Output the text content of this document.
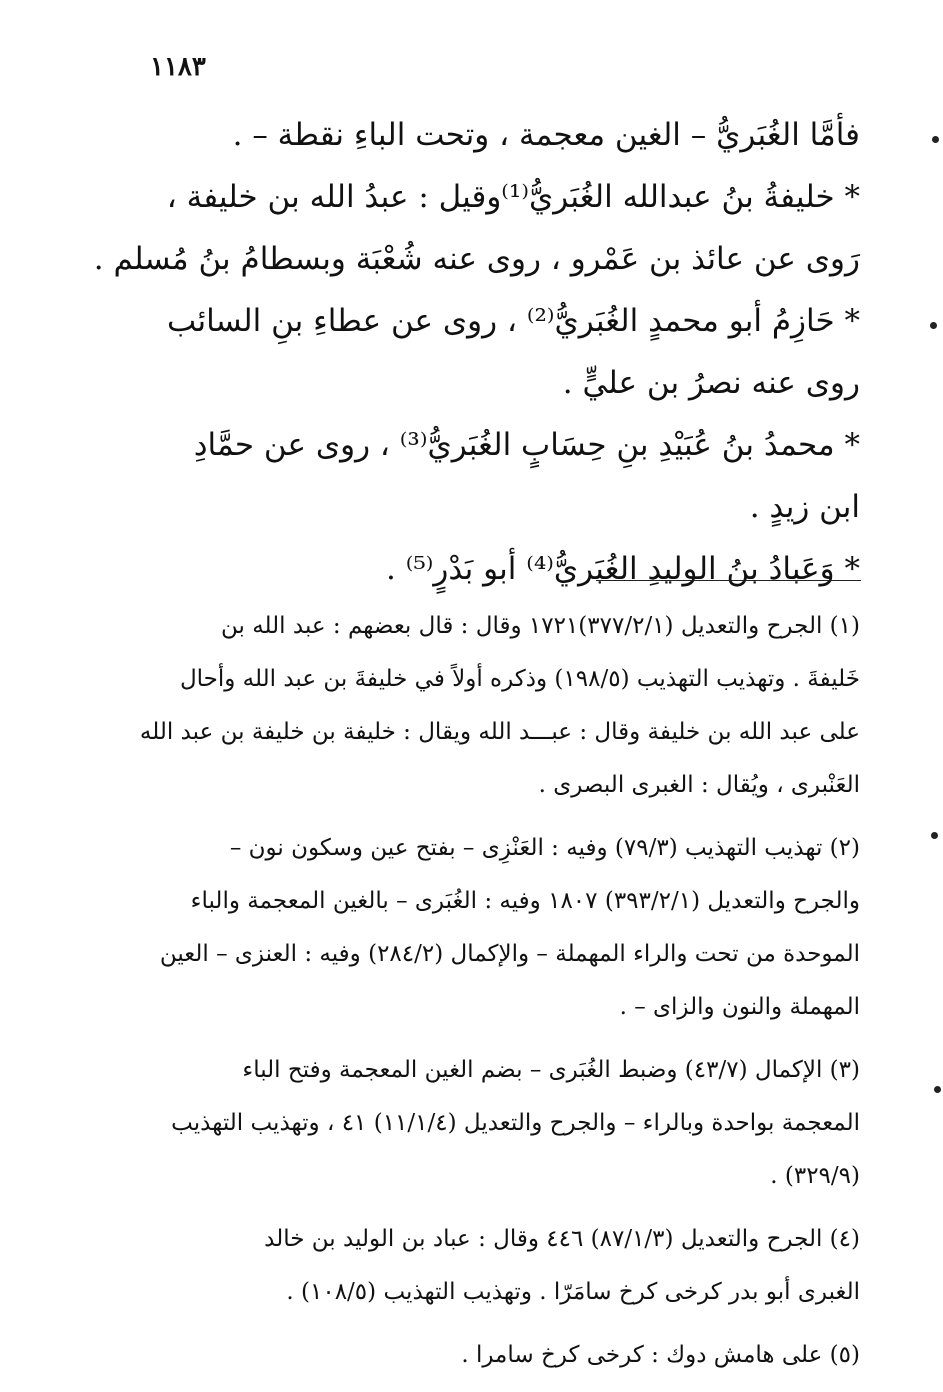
١١٨٣

فأمَّا الغُبَريُّ – الغين معجمة ، وتحت الباءِ نقطة – .

* خليفةُ بنُ عبدالله الغُبَريُّ⁽¹⁾وقيل : عبدُ الله بن خليفة ،

رَوى عن عائذ بن عَمْرو ، روى عنه شُعْبَة وبسطامُ بنُ مُسلم .

* حَازِمُ أبو محمدٍ الغُبَريُّ⁽²⁾ ، روى عن عطاءِ بنِ السائب

روى عنه نصرُ بن عليٍّ .

* محمدُ بنُ عُبَيْدِ بنِ حِسَابٍ الغُبَريُّ⁽³⁾ ، روى عن حمَّادِ

ابن زيدٍ .

* وَعَبادُ بنُ الوليدِ الغُبَريُّ⁽⁴⁾ أبو بَدْرٍ⁽⁵⁾ .

(١) الجرح والتعديل (٣٧٧/٢/١)١٧٢١ وقال : قال بعضهم : عبد الله بن

خَليفةَ . وتهذيب التهذيب (١٩٨/٥) وذكره أولاً في خليفةَ بن عبد الله وأحال

على عبد الله بن خليفة وقال : عبـــد الله ويقال : خليفة بن خليفة بن عبد الله

العَنْبرى ، ويُقال : الغبرى البصرى .

(٢) تهذيب التهذيب (٧٩/٣) وفيه : العَنْزِى – بفتح عين وسكون نون –

والجرح والتعديل (٣٩٣/٢/١) ١٨٠٧ وفيه : الغُبَرى – بالغين المعجمة والباء

الموحدة من تحت والراء المهملة – والإكمال (٢٨٤/٢) وفيه : العنزى – العين

المهملة والنون والزاى – .

(٣) الإكمال (٤٣/٧) وضبط الغُبَرى – بضم الغين المعجمة وفتح الباء

المعجمة بواحدة وبالراء – والجرح والتعديل (١١/١/٤) ٤١ ، وتهذيب التهذيب

(٣٢٩/٩) .

(٤) الجرح والتعديل (٨٧/١/٣) ٤٤٦ وقال : عباد بن الوليد بن خالد

الغبرى أبو بدر كرخى كرخ سامَرّا . وتهذيب التهذيب (١٠٨/٥) .

(٥) على هامش دوك : كرخى كرخ سامرا .
